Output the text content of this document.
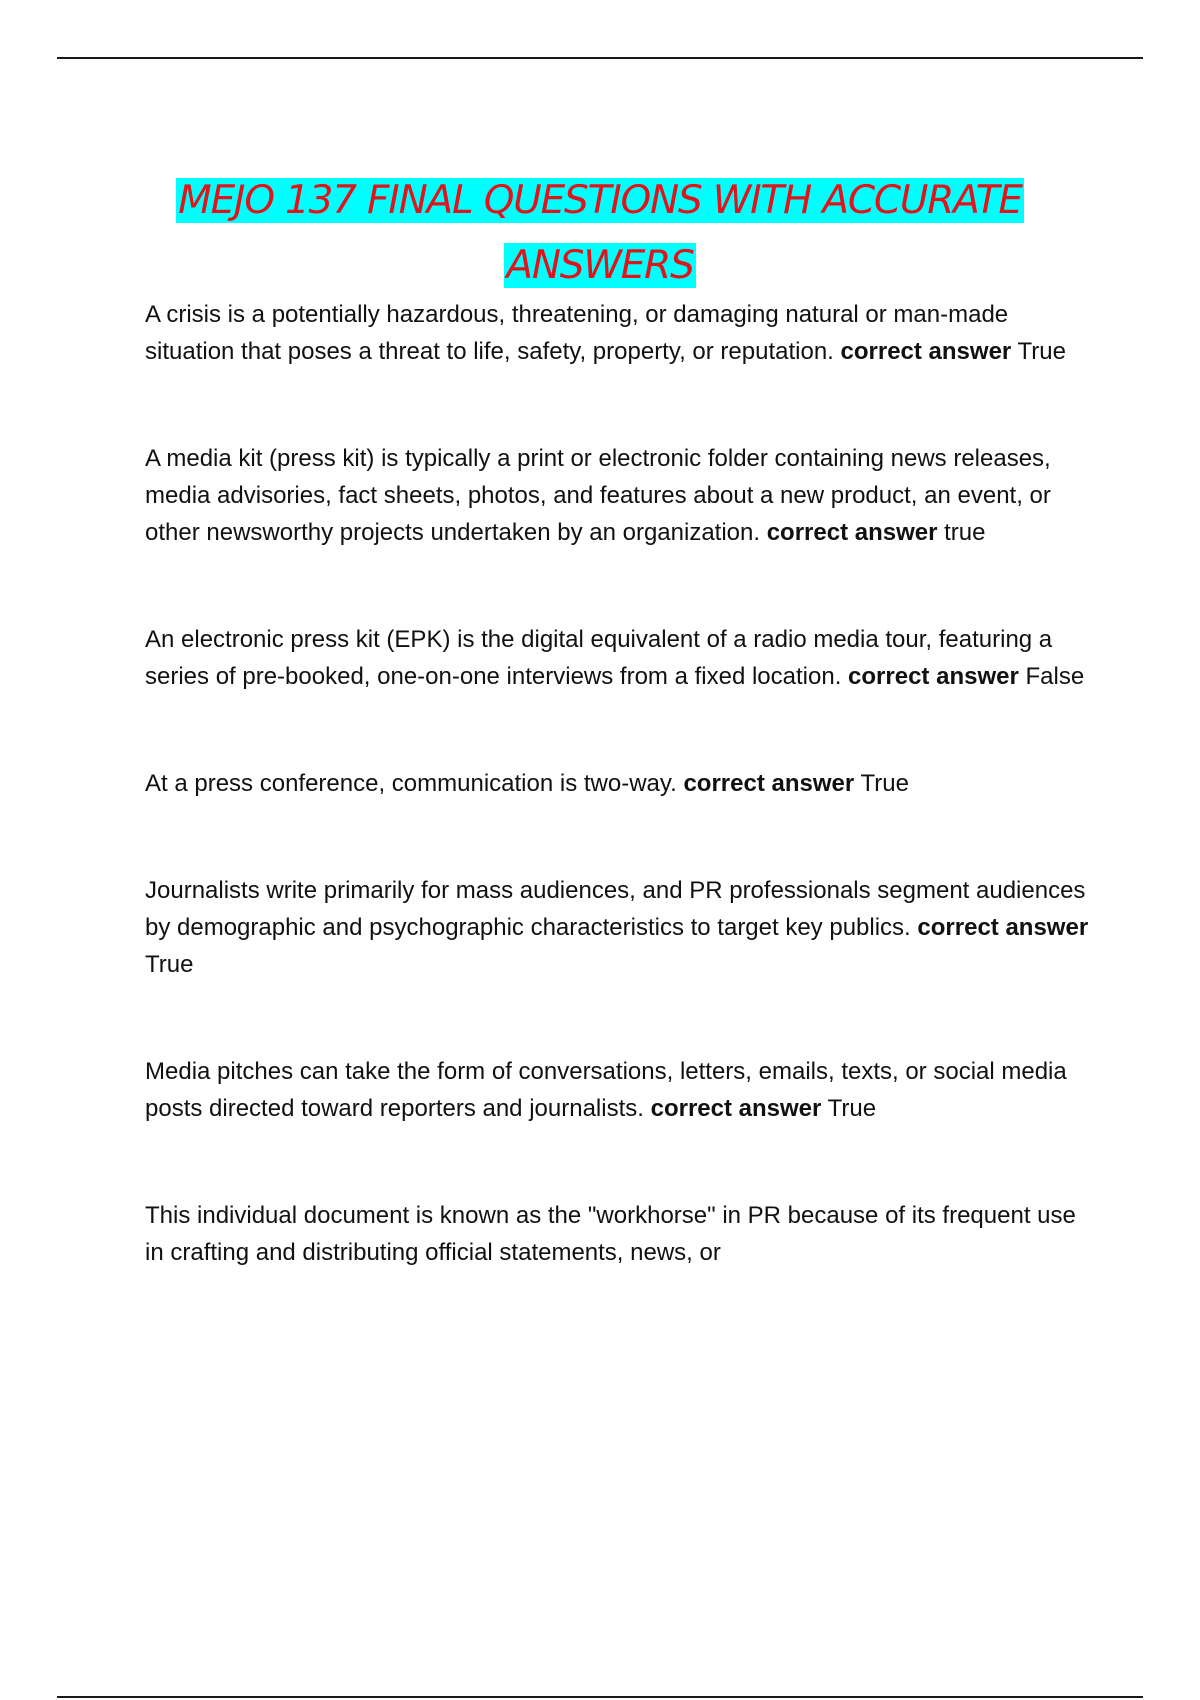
MEJO 137 FINAL QUESTIONS WITH ACCURATE ANSWERS

A crisis is a potentially hazardous, threatening, or damaging natural or man-made situation that poses a threat to life, safety, property, or reputation. correct answer True

A media kit (press kit) is typically a print or electronic folder containing news releases, media advisories, fact sheets, photos, and features about a new product, an event, or other newsworthy projects undertaken by an organization. correct answer true

An electronic press kit (EPK) is the digital equivalent of a radio media tour, featuring a series of pre-booked, one-on-one interviews from a fixed location. correct answer False

At a press conference, communication is two-way. correct answer True

Journalists write primarily for mass audiences, and PR professionals segment audiences by demographic and psychographic characteristics to target key publics. correct answer True

Media pitches can take the form of conversations, letters, emails, texts, or social media posts directed toward reporters and journalists. correct answer True

This individual document is known as the "workhorse" in PR because of its frequent use in crafting and distributing official statements, news, or
